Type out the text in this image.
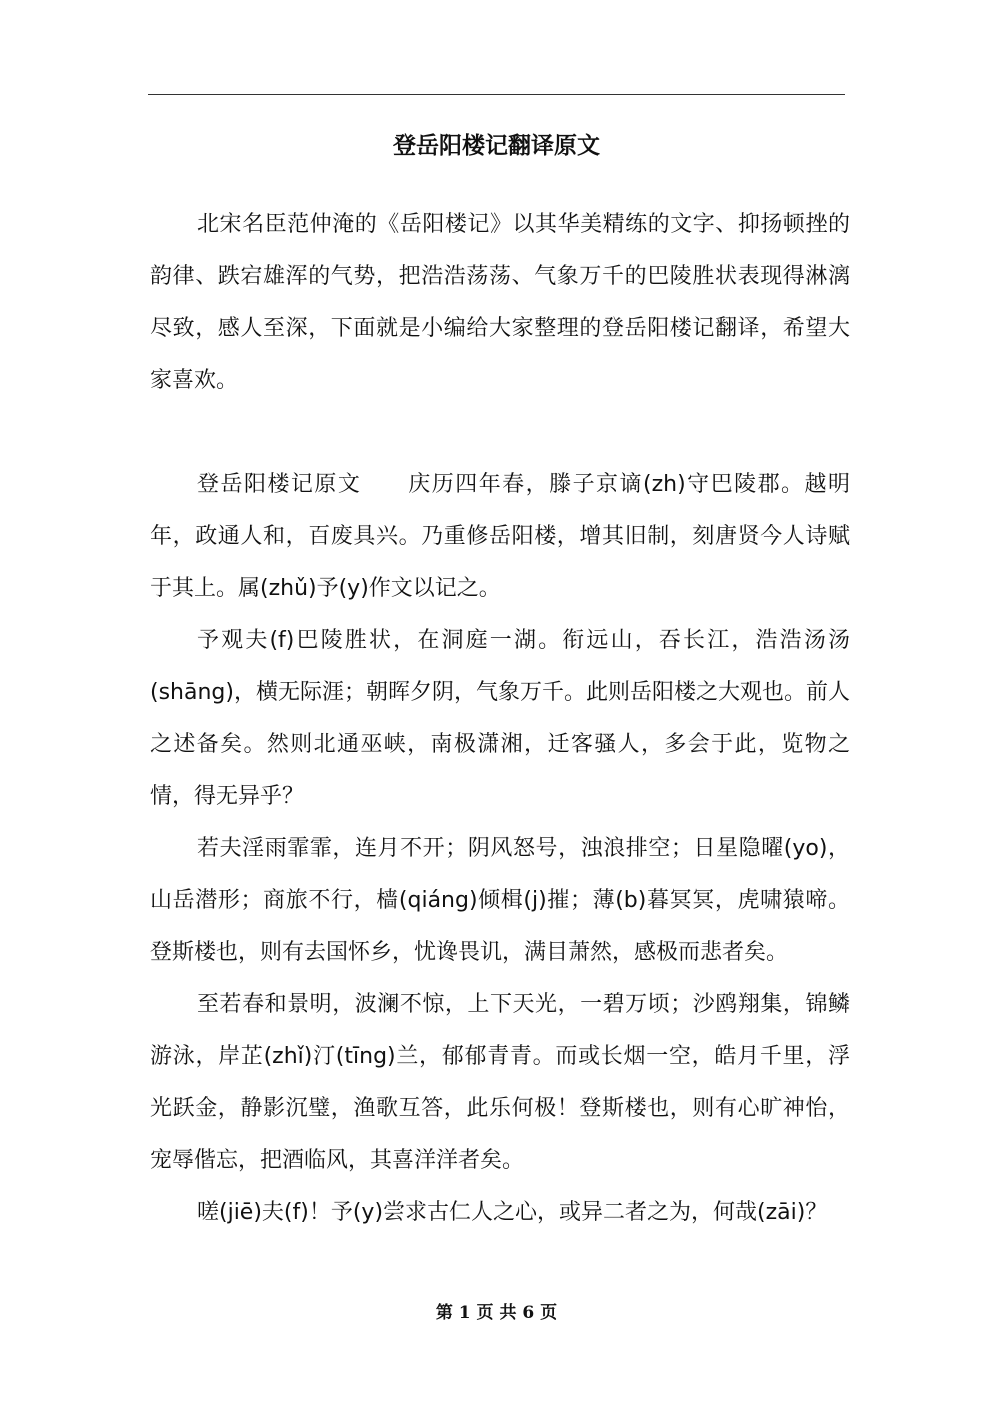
登岳阳楼记翻译原文

北宋名臣范仲淹的《岳阳楼记》以其华美精练的文字、抑扬顿挫的韵律、跌宕雄浑的气势，把浩浩荡荡、气象万千的巴陵胜状表现得淋漓尽致，感人至深，下面就是小编给大家整理的登岳阳楼记翻译，希望大家喜欢。

登岳阳楼记原文　　庆历四年春，滕子京谪(zh)守巴陵郡。越明年，政通人和，百废具兴。乃重修岳阳楼，增其旧制，刻唐贤今人诗赋于其上。属(zhǔ)予(y)作文以记之。

予观夫(f)巴陵胜状，在洞庭一湖。衔远山，吞长江，浩浩汤汤(shāng)，横无际涯；朝晖夕阴，气象万千。此则岳阳楼之大观也。前人之述备矣。然则北通巫峡，南极潇湘，迁客骚人，多会于此，览物之情，得无异乎？

若夫淫雨霏霏，连月不开；阴风怒号，浊浪排空；日星隐曜(yo)，山岳潜形；商旅不行，樯(qiáng)倾楫(j)摧；薄(b)暮冥冥，虎啸猿啼。登斯楼也，则有去国怀乡，忧谗畏讥，满目萧然，感极而悲者矣。

至若春和景明，波澜不惊，上下天光，一碧万顷；沙鸥翔集，锦鳞游泳，岸芷(zhǐ)汀(tīng)兰，郁郁青青。而或长烟一空，皓月千里，浮光跃金，静影沉璧，渔歌互答，此乐何极！登斯楼也，则有心旷神怡，宠辱偕忘，把酒临风，其喜洋洋者矣。

嗟(jiē)夫(f)！予(y)尝求古仁人之心，或异二者之为，何哉(zāi)？

第 1 页 共 6 页
